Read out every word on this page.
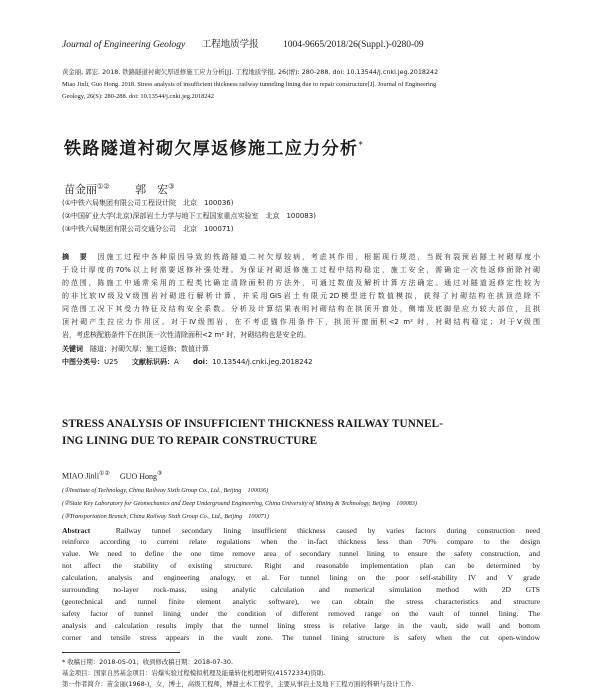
Journal of Engineering Geology 工程地质学报	1004-9665/2018/26(Suppl.)-0280-09
黄金丽, 郭宏. 2018. 铁路隧道衬砌欠厚返修施工应力分析[J]. 工程地质学报, 26(增): 280-288. doi: 10.13544/j.cnki.jeg.2018242
Miao Jinli, Guo Hong. 2018. Stress analysis of insufficient thickness railway tunneling lining due to repair constructure[J]. Journal of Engineering
Geology, 26(S): 280-288. doi: 10.13544/j.cnki.jeg.2018242
铁路隧道衬砌欠厚返修施工应力分析*
苗金丽①② 郭　宏③
(①中铁六局集团有限公司工程设计院　北京　100036)
(②中国矿业大学(北京)深部岩土力学与地下工程国家重点实验室　北京　100083)
(③中铁六局集团有限公司交通分公司　北京　100071)
摘　要　 因施工过程中各种原因导致的铁路隧道二衬欠厚较病，考虑其作用，根据现行规范，当既有裂预岩隧土衬砌厚度小
于设计厚度的70%以上时需要返修补强处理。为保证衬砌返修施工过程中结构稳定，施工安全，需确定一次性返修面除衬砌
的范围，陈施工中通常采用的工程类比确定清除面积的方法外，可通过数值及解析计算方法确定。通过对隧道返修定性较为
的非比软IV级及V级围岩衬砌进行解析计算，并采用GIS岩土有限元2D模型进行数值模拟，获得了衬砌结构在拱顶范除不
同范围工况下其受力特征及结构安全系数。分析及计算结果表明衬砌结构在拱顶开窗处，侧墙及底脚是应力较大部位，且拱
顶衬砌产生拉应力作用区。对于IV级围岩，在不考虑锚作用条件下，拱顶开窗面积<2 m² 时，衬砌结构稳定；对于V级围
岩，考虑核配筋条件下在拱顶一次性清除面积<2 m² 时，衬砌结构也是安全的。
关键词　 隧道；衬砌欠厚；施工返修；数值计算
中图分类号：U25　　 文献标识码：A　　 doi：10.13544/j.cnki.jeg.2018242
STRESS ANALYSIS OF INSUFFICIENT THICKNESS RAILWAY TUNNEL-
ING LINING DUE TO REPAIR CONSTRUCTURE
MIAO Jinli①② GUO Hong③
(①Institute of Technology, China Railway Sixth Group Co., Ltd., Beijing　100036)
(②State Key Laboratory for Geomechanics and Deep Underground Engineering, China University of Mining & Technology, Beijing　100083)
(③Transportation Branch, China Railway Sixth Group Co., Ltd., Beijing　100071)
Abstract　	Railway tunnel secondary lining insufficient thickness caused by varies factors during construction need
reinforce according to current relate regulations when the in-fact thickness less than 70% compare to the design
value. We need to define the one time remove area of secondary tunnel lining to ensure the safety construction, and
not affect the stability of existing structure. Right and reasonable implementation plan can be determined by
calculation, analysis and engineering analogy, et al. For tunnel lining on the poor self-stability IV and V grade
surrounding no-layer rock-mass, using analytic calculation and numerical simulation method with 2D GTS
(geotechnical and tunnel finite element analytic software), we can obtain the stress characteristics and structure
safety factor of tunnel lining under the condition of different removed range on the vault of tunnel lining. The
analysis and calculation results imply that the tunnel lining stress is relative large in the vault, side wall and bottom
corner and tensile stress appears in the vault zone. The tunnel lining structure is safety when the cut open-window
* 收稿日期：2018-05-01；收到修改稿日期：2018-07-30.
基金项目：国家自然基金项目：岩爆实验过程模拟机理及能量转化机理研究(41572334)资助.
第一作者简介：苗金丽(1968-)，女，博士，高级工程师，博甜土木工程学，主要从事岩土及地下工程方面的科研与设计工作.
